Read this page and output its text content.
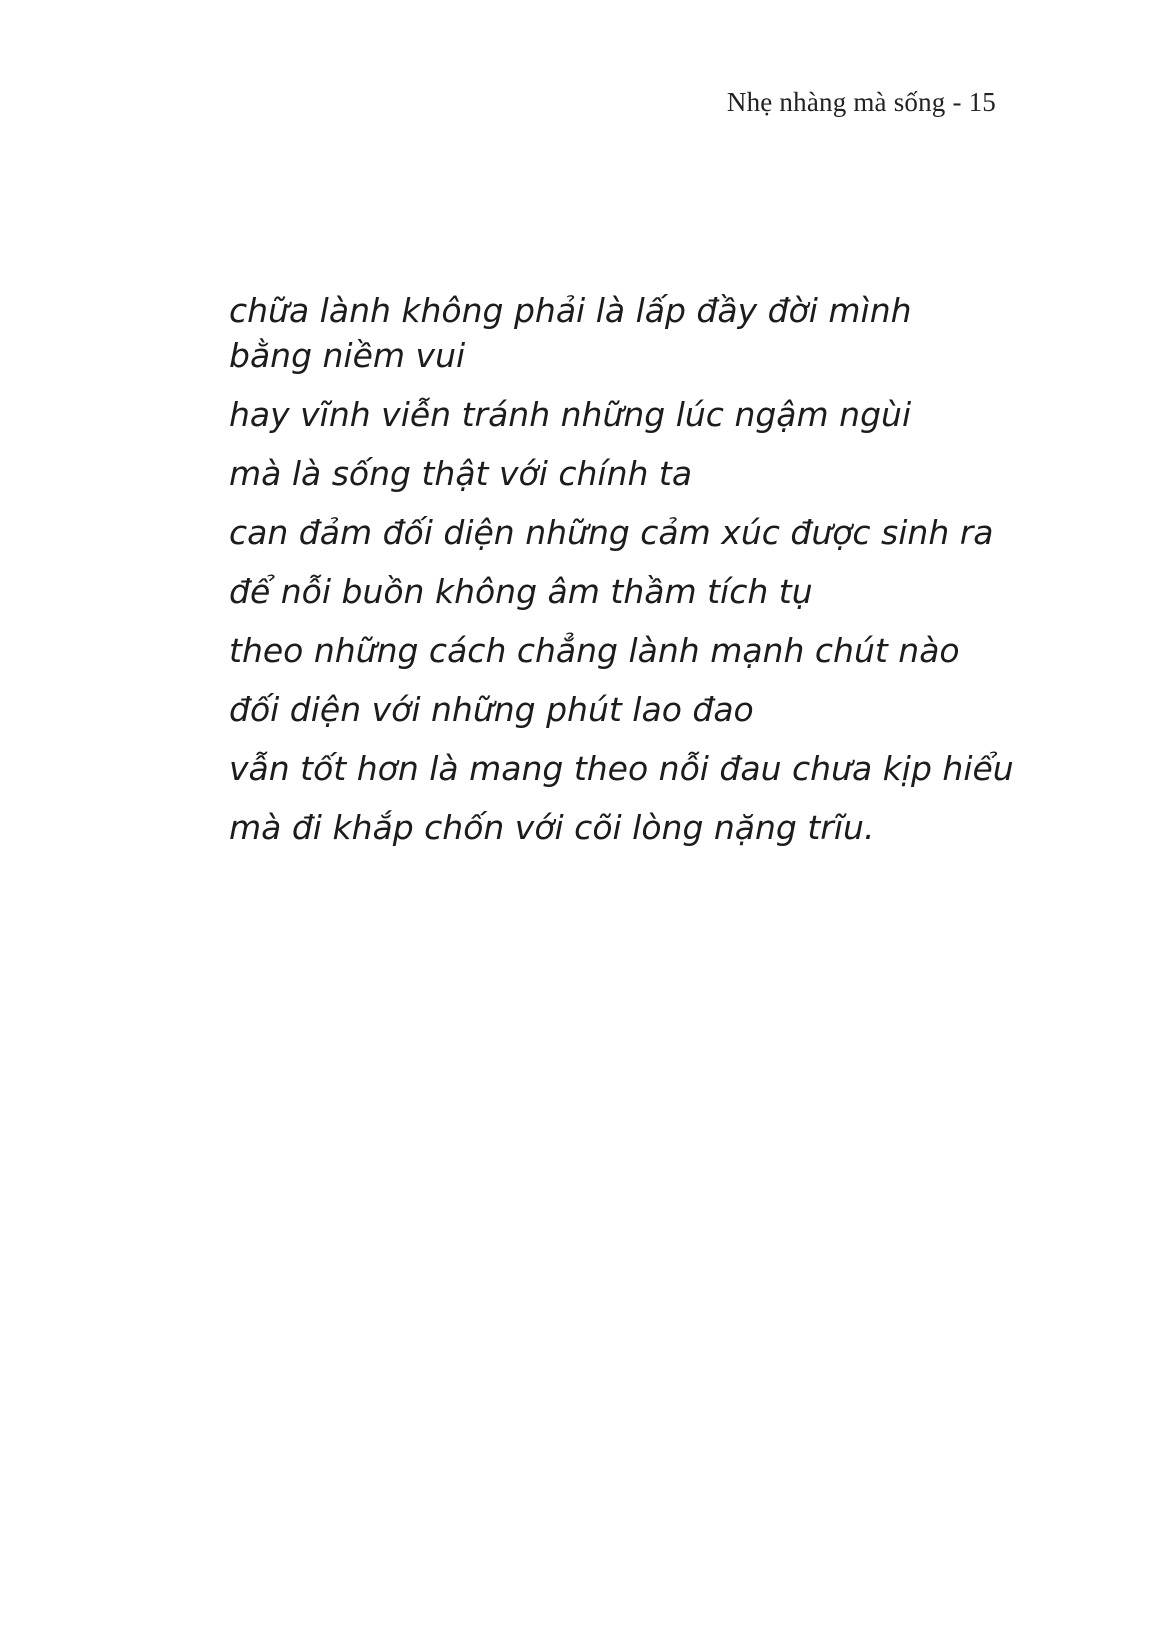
Nhẹ nhàng mà sống - 15

chữa lành không phải là lấp đầy đời mình
bằng niềm vui

hay vĩnh viễn tránh những lúc ngậm ngùi

mà là sống thật với chính ta

can đảm đối diện những cảm xúc được sinh ra

để nỗi buồn không âm thầm tích tụ

theo những cách chẳng lành mạnh chút nào

đối diện với những phút lao đao

vẫn tốt hơn là mang theo nỗi đau chưa kịp hiểu

mà đi khắp chốn với cõi lòng nặng trĩu.
